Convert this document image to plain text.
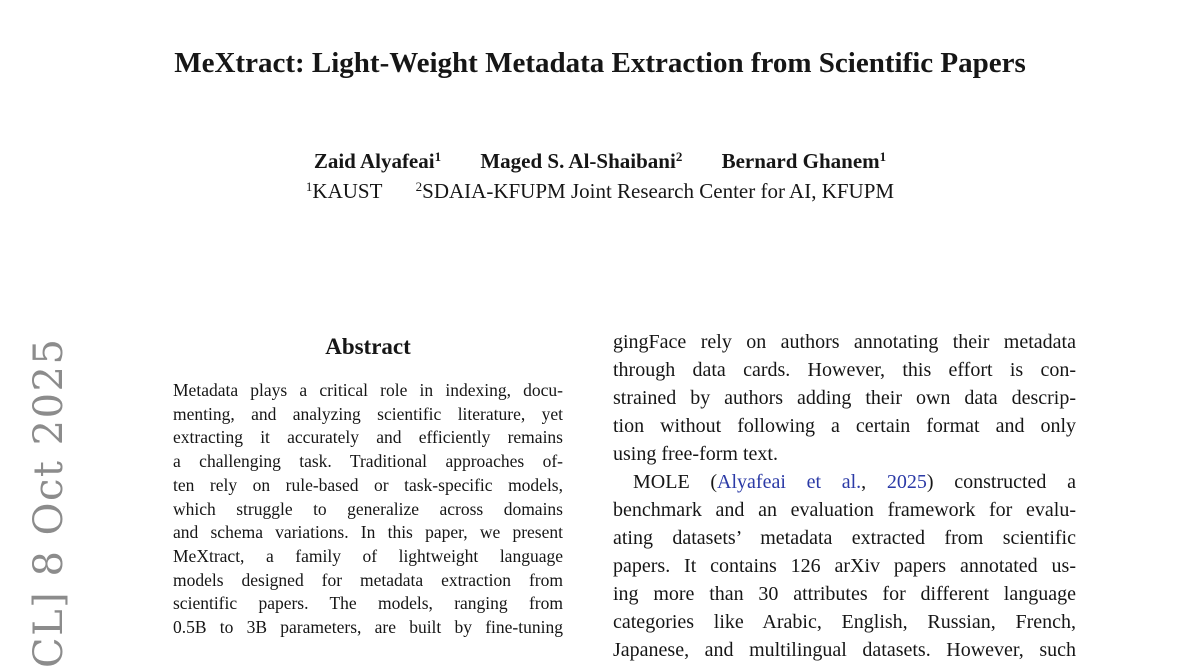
CL] 8 Oct 2025
MeXtract: Light-Weight Metadata Extraction from Scientific Papers
Zaid Alyafeai$^1$ Maged S. Al-Shaibani$^2$ Bernard Ghanem$^1$
$^1$KAUST	$^2$SDAIA-KFUPM Joint Research Center for AI, KFUPM
Abstract
Metadata plays a critical role in indexing, docu-
menting, and analyzing scientific literature, yet
extracting it accurately and efficiently remains
a challenging task. Traditional approaches of-
ten rely on rule-based or task-specific models,
which struggle to generalize across domains
and schema variations. In this paper, we present
MeXtract, a family of lightweight language
models designed for metadata extraction from
scientific papers. The models, ranging from
0.5B to 3B parameters, are built by fine-tuning
gingFace rely on authors annotating their metadata
through data cards. However, this effort is con-
strained by authors adding their own data descrip-
tion without following a certain format and only
using free-form text.
MOLE (Alyafeai et al., 2025) constructed a
benchmark and an evaluation framework for evalu-
ating datasets’ metadata extracted from scientific
papers. It contains 126 arXiv papers annotated us-
ing more than 30 attributes for different language
categories like Arabic, English, Russian, French,
Japanese, and multilingual datasets. However, such
